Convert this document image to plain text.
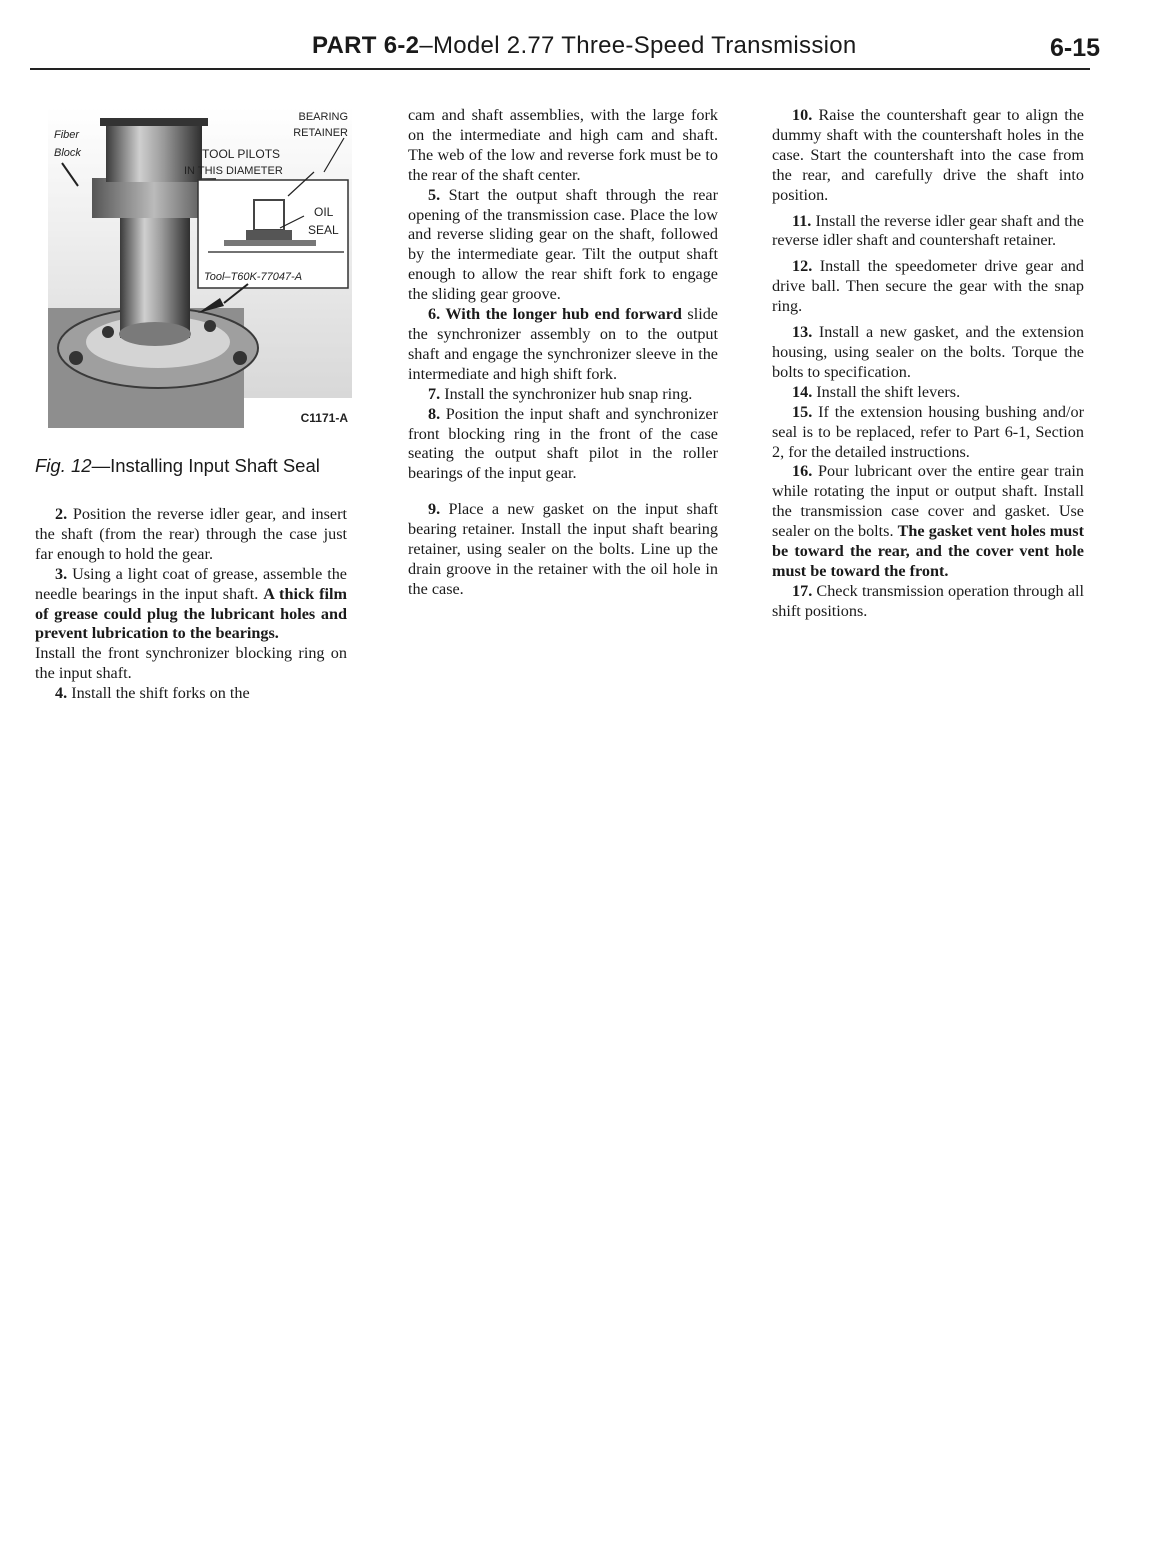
PART 6-2–Model 2.77 Three-Speed Transmission	6-15
Fiber
Block
BEARING
RETAINER
TOOL PILOTS
IN THIS DIAMETER
OIL
SEAL
Tool–T60K-77047-A
C1171-A
Fig. 12—Installing Input Shaft Seal

2. Position the reverse idler gear, and insert the shaft (from the rear) through the case just far enough to hold the gear.

3. Using a light coat of grease, assemble the needle bearings in the input shaft. A thick film of grease could plug the lubricant holes and prevent lubrication to the bearings.

Install the front synchronizer blocking ring on the input shaft.

4. Install the shift forks on the

cam and shaft assemblies, with the large fork on the intermediate and high cam and shaft. The web of the low and reverse fork must be to the rear of the shaft center.

5. Start the output shaft through the rear opening of the transmission case. Place the low and reverse sliding gear on the shaft, followed by the intermediate gear. Tilt the output shaft enough to allow the rear shift fork to engage the sliding gear groove.

6. With the longer hub end forward slide the synchronizer assembly on to the output shaft and engage the synchronizer sleeve in the intermediate and high shift fork.

7. Install the synchronizer hub snap ring.

8. Position the input shaft and synchronizer front blocking ring in the front of the case seating the output shaft pilot in the roller bearings of the input gear.

9. Place a new gasket on the input shaft bearing retainer. Install the input shaft bearing retainer, using sealer on the bolts. Line up the drain groove in the retainer with the oil hole in the case.

10. Raise the countershaft gear to align the dummy shaft with the countershaft holes in the case. Start the countershaft into the case from the rear, and carefully drive the shaft into position.

11. Install the reverse idler gear shaft and the reverse idler shaft and countershaft retainer.

12. Install the speedometer drive gear and drive ball. Then secure the gear with the snap ring.

13. Install a new gasket, and the extension housing, using sealer on the bolts. Torque the bolts to specification.

14. Install the shift levers.

15. If the extension housing bushing and/or seal is to be replaced, refer to Part 6-1, Section 2, for the detailed instructions.

16. Pour lubricant over the entire gear train while rotating the input or output shaft. Install the transmission case cover and gasket. Use sealer on the bolts. The gasket vent holes must be toward the rear, and the cover vent hole must be toward the front.

17. Check transmission operation through all shift positions.
